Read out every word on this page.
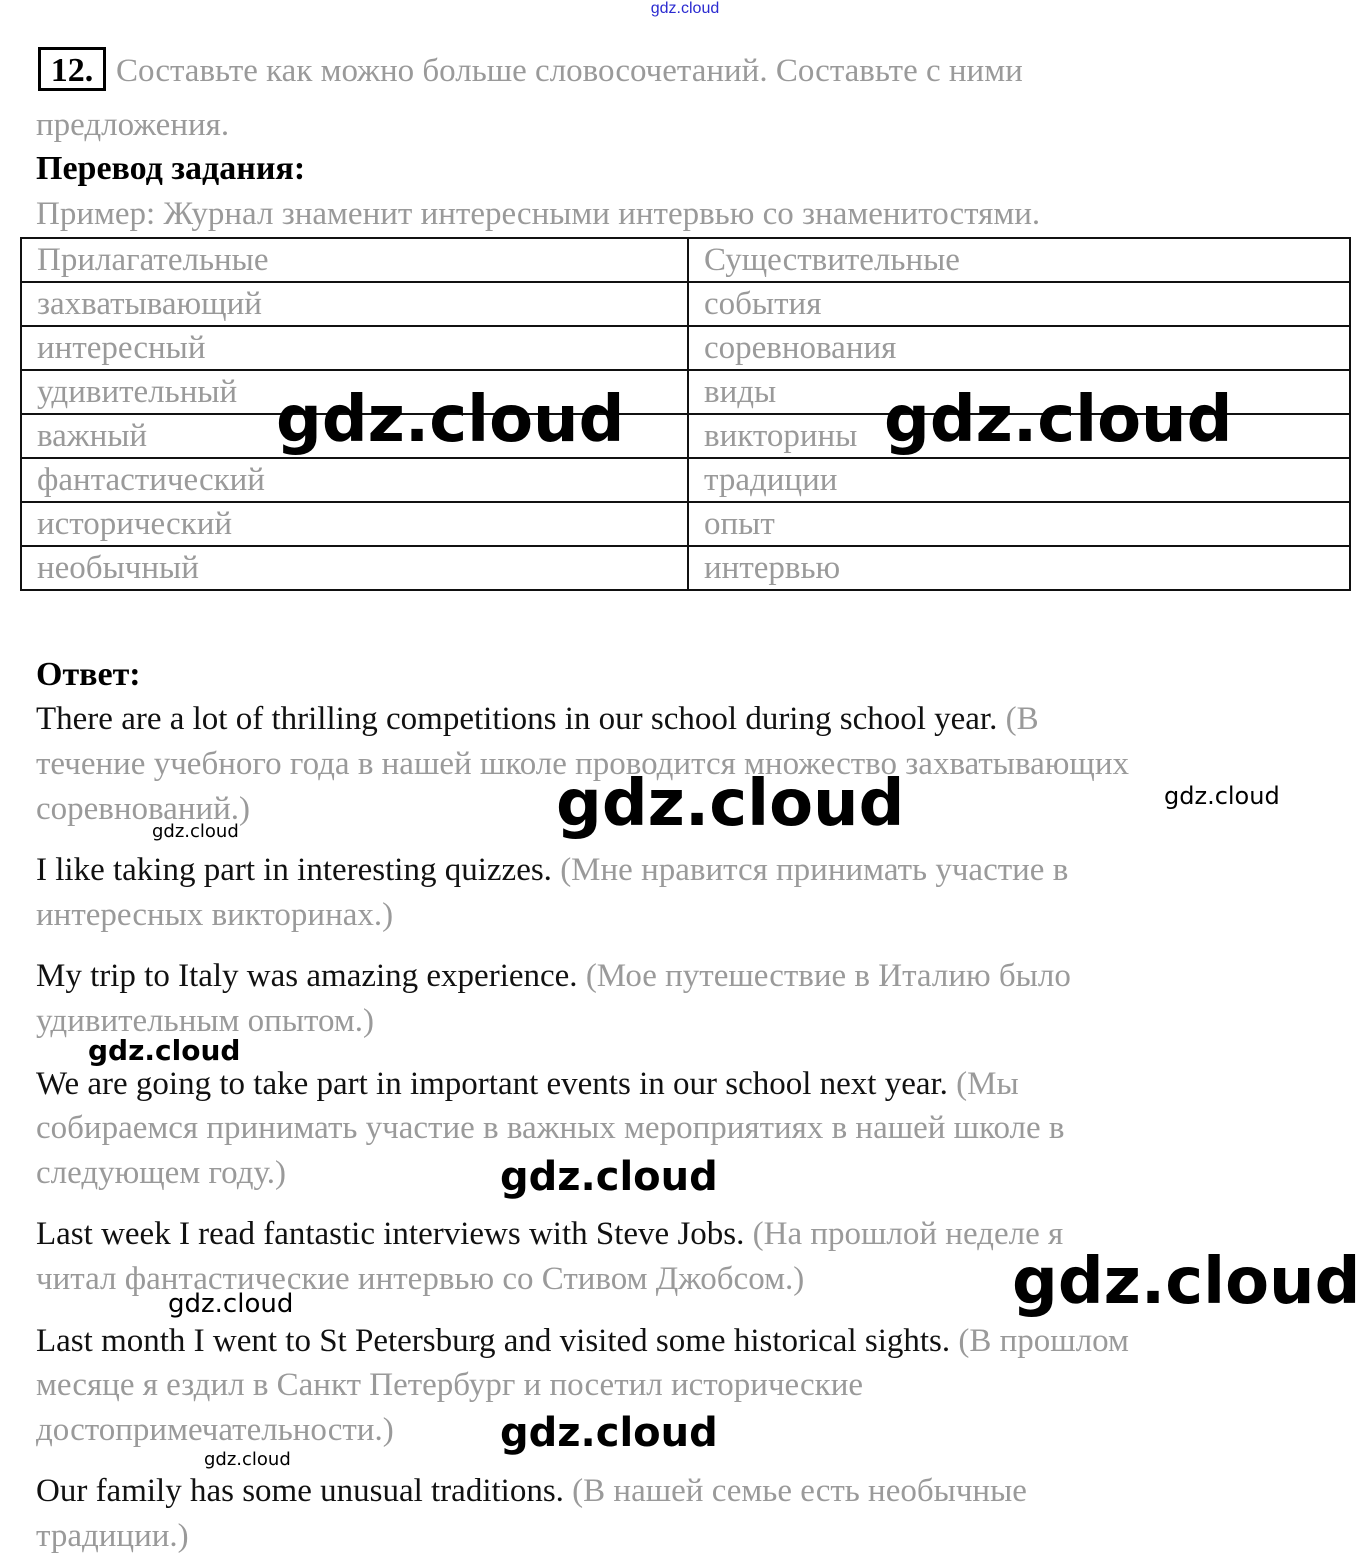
gdz.cloud
12. Составьте как можно больше словосочетаний. Составьте с ними
предложения.
Перевод задания:
Пример: Журнал знаменит интересными интервью со знаменитостями.
Прилагательные	Существительные
захватывающий	события
интересный	соревнования
удивительный	виды
важный	викторины
фантастический	традиции
исторический	опыт
необычный	интервью
Ответ:
There are a lot of thrilling competitions in our school during school year. (В
течение учебного года в нашей школе проводится множество захватывающих
соревнований.)
I like taking part in interesting quizzes. (Мне нравится принимать участие в
интересных викторинах.)
My trip to Italy was amazing experience. (Мое путешествие в Италию было
удивительным опытом.)
We are going to take part in important events in our school next year. (Мы
собираемся принимать участие в важных мероприятиях в нашей школе в
следующем году.)
Last week I read fantastic interviews with Steve Jobs. (На прошлой неделе я
читал фантастические интервью со Стивом Джобсом.)
Last month I went to St Petersburg and visited some historical sights. (В прошлом
месяце я ездил в Санкт Петербург и посетил исторические
достопримечательности.)
Our family has some unusual traditions. (В нашей семье есть необычные
традиции.)
gdz.cloud	gdz.cloud
gdz.cloud	gdz.cloud
gdz.cloud
gdz.cloud
gdz.cloud
gdz.cloud
gdz.cloud
gdz.cloud
gdz.cloud
